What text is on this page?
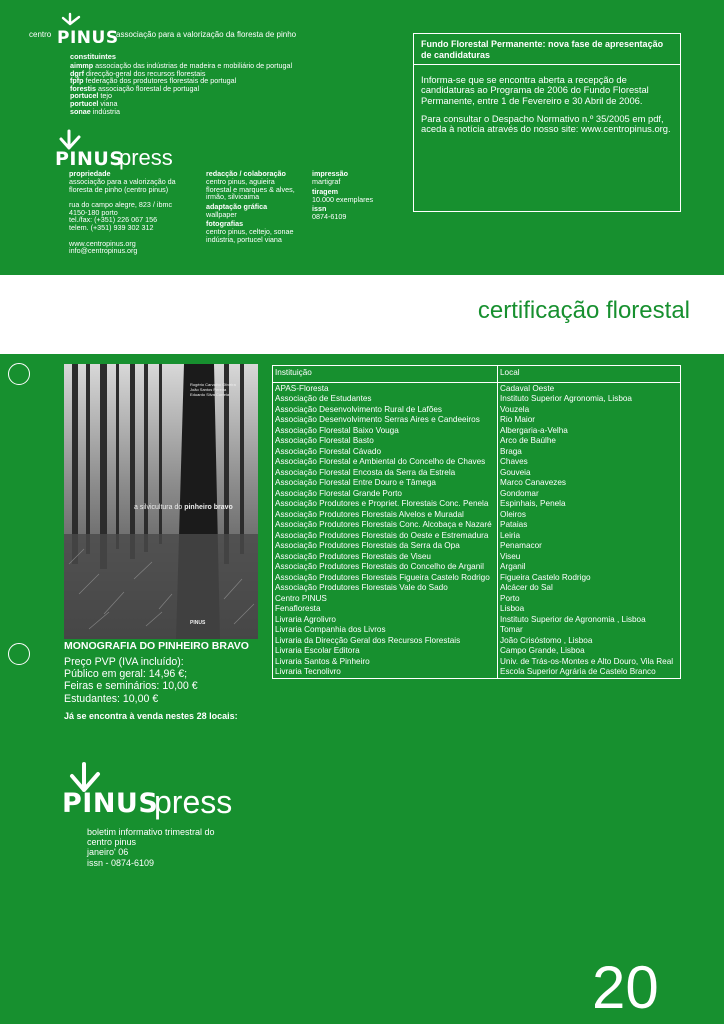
centro PINUS
associação para a valorização da floresta de pinho
constituintes
aimmp associação das indústrias de madeira e mobiliário de portugal
dgrf direcção-geral dos recursos florestais
fpfp federação dos produtores florestais de portugal
forestis associação florestal de portugal
portucel tejo
portucel viana
sonae indústria
Fundo Florestal Permanente: nova fase de apresentação de candidaturas
Informa-se que se encontra aberta a recepção de candidaturas ao Programa de 2006 do Fundo Florestal Permanente, entre 1 de Fevereiro e 30 Abril de 2006.
Para consultar o Despacho Normativo n.º 35/2005 em pdf, aceda à notícia através do nosso site: www.centropinus.org.
PINUS
press
propriedade
associação para a valorização da floresta de pinho (centro pinus)
rua do campo alegre, 823 / ibmc
4150-180 porto
tel./fax: (+351) 226 067 156
telem. (+351) 939 302 312
www.centropinus.org
info@centropinus.org
redacção / colaboração
centro pinus, aguieira florestal e marques & alves, irmão, silvicaima
adaptação gráfica
wallpaper
fotografias
centro pinus, celtejo, sonae indústria, portucel viana
impressão
martigraf
tiragem
10.000 exemplares
issn
0874-6109
certificação florestal
Rogério Carvalho Oliveira
João Santos Pereira
Eduardo Silva Correia
a silvicultura do pinheiro bravo
PINUS
MONOGRAFIA DO PINHEIRO BRAVO
Preço PVP (IVA incluído):
Público em geral: 14,96 €;
Feiras e seminários: 10,00 €
Estudantes: 10,00 €
Já se encontra à venda nestes 28 locais:
Instituição	Local
APAS-Floresta	Cadaval Oeste
Associação de Estudantes	Instituto Superior Agronomia, Lisboa
Associação Desenvolvimento Rural de Lafões	Vouzela
Associação Desenvolvimento Serras Aires e Candeeiros	Rio Maior
Associação Florestal Baixo Vouga	Albergaria-a-Velha
Associação Florestal Basto	Arco de Baúlhe
Associação Florestal Cávado	Braga
Associação Florestal e Ambiental do Concelho de Chaves	Chaves
Associação Florestal Encosta da Serra da Estrela	Gouveia
Associação Florestal Entre Douro e Tâmega	Marco Canavezes
Associação Florestal Grande Porto	Gondomar
Associação Produtores e Propriet. Florestais Conc. Penela	Espinhais, Penela
Associação Produtores Florestais Alvelos e Muradal	Oleiros
Associação Produtores Florestais Conc. Alcobaça e Nazaré	Pataias
Associação Produtores Florestais do Oeste e Estremadura	Leiria
Associação Produtores Florestais da Serra da Opa	Penamacor
Associação Produtores Florestais de Viseu	Viseu
Associação Produtores Florestais do Concelho de Arganil	Arganil
Associação Produtores Florestais Figueira Castelo Rodrigo	Figueira Castelo Rodrigo
Associação Produtores Florestais Vale do Sado	Alcácer do Sal
Centro PINUS	Porto
Fenafloresta	Lisboa
Livraria Agrolivro	Instituto Superior de Agronomia , Lisboa
Livraria Companhia dos Livros	Tomar
Livraria da Direcção Geral dos Recursos Florestais	João Crisóstomo , Lisboa
Livraria Escolar Editora	Campo Grande, Lisboa
Livraria Santos & Pinheiro	Univ. de Trás-os-Montes e Alto Douro, Vila Real
Livraria Tecnolivro	Escola Superior Agrária de Castelo Branco
PINUS
press
boletim informativo trimestral do
centro pinus
janeiro' 06
issn - 0874-6109
20
